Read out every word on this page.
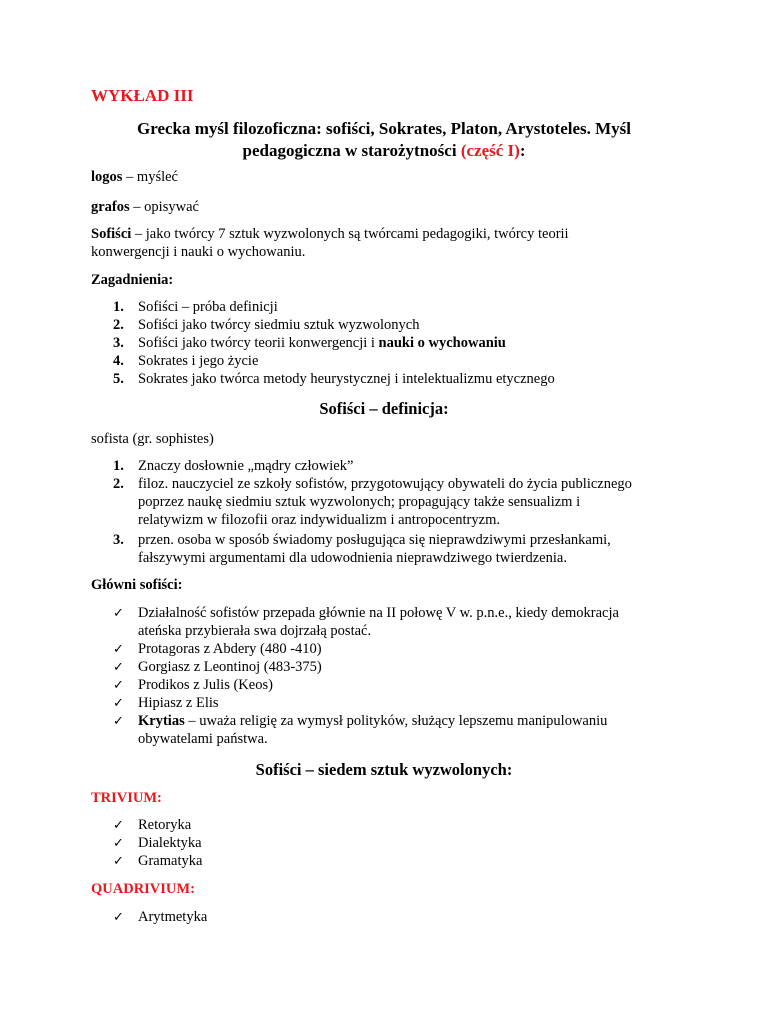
WYKŁAD III
Grecka myśl filozoficzna: sofiści, Sokrates, Platon, Arystoteles. Myśl
pedagogiczna w starożytności (część I):
logos – myśleć
grafos – opisywać
Sofiści – jako twórcy 7 sztuk wyzwolonych są twórcami pedagogiki, twórcy teorii
konwergencji i nauki o wychowaniu.
Zagadnienia:
1. Sofiści – próba definicji
2. Sofiści jako twórcy siedmiu sztuk wyzwolonych
3. Sofiści jako twórcy teorii konwergencji i nauki o wychowaniu
4. Sokrates i jego życie
5. Sokrates jako twórca metody heurystycznej i intelektualizmu etycznego
Sofiści – definicja:
sofista (gr. sophistes)
1. Znaczy dosłownie „mądry człowiek”
2. filoz. nauczyciel ze szkoły sofistów, przygotowujący obywateli do życia publicznego
poprzez naukę siedmiu sztuk wyzwolonych; propagujący także sensualizm i
relatywizm w filozofii oraz indywidualizm i antropocentryzm.
3. przen. osoba w sposób świadomy posługująca się nieprawdziwymi przesłankami,
fałszywymi argumentami dla udowodnienia nieprawdziwego twierdzenia.
Główni sofiści:
✓ Działalność sofistów przepada głównie na II połowę V w. p.n.e., kiedy demokracja
ateńska przybierała swa dojrzałą postać.
✓ Protagoras z Abdery (480 -410)
✓ Gorgiasz z Leontinoj (483-375)
✓ Prodikos z Julis (Keos)
✓ Hipiasz z Elis
✓ Krytias – uważa religię za wymysł polityków, służący lepszemu manipulowaniu
obywatelami państwa.
Sofiści – siedem sztuk wyzwolonych:
TRIVIUM:
✓ Retoryka
✓ Dialektyka
✓ Gramatyka
QUADRIVIUM:
✓ Arytmetyka
